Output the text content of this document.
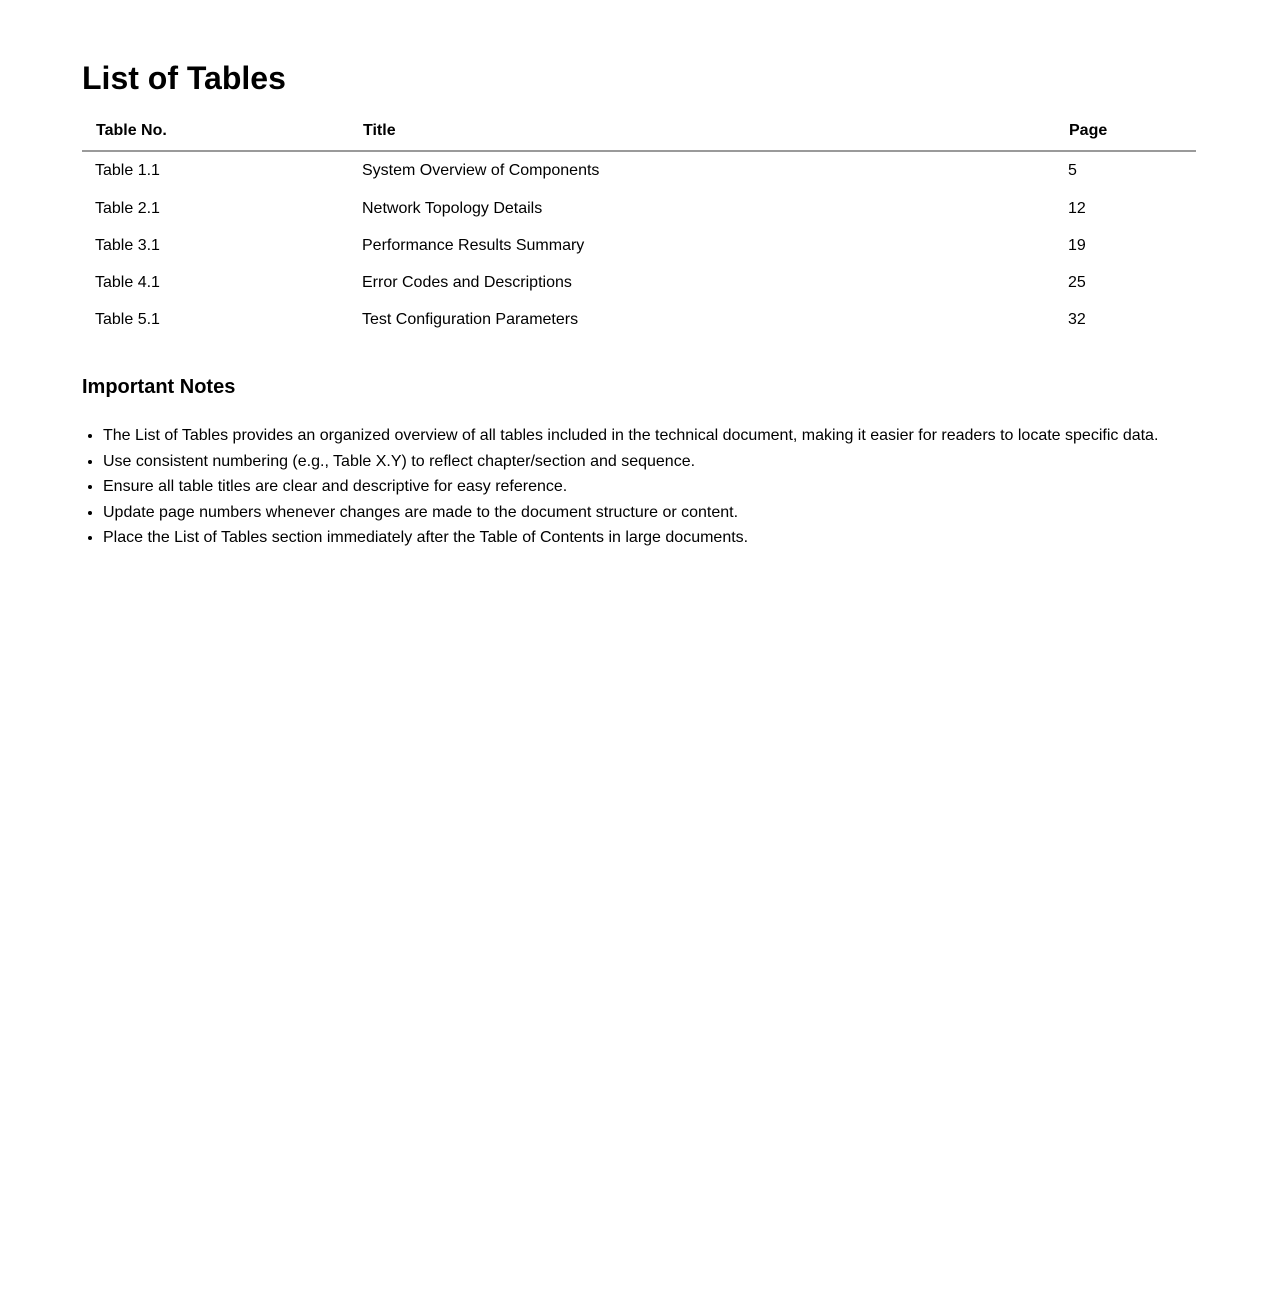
List of Tables
Table No.	Title	Page
Table 1.1	System Overview of Components	5
Table 2.1	Network Topology Details	12
Table 3.1	Performance Results Summary	19
Table 4.1	Error Codes and Descriptions	25
Table 5.1	Test Configuration Parameters	32
Important Notes
• The List of Tables provides an organized overview of all tables included in the technical document, making it easier for readers to locate specific data.
• Use consistent numbering (e.g., Table X.Y) to reflect chapter/section and sequence.
• Ensure all table titles are clear and descriptive for easy reference.
• Update page numbers whenever changes are made to the document structure or content.
• Place the List of Tables section immediately after the Table of Contents in large documents.
